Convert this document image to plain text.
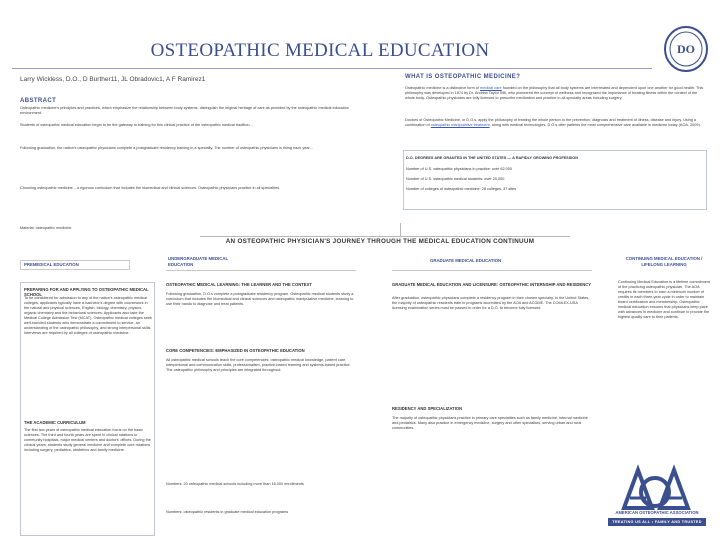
OSTEOPATHIC MEDICAL EDUCATION	DO
Larry Wickless, D.O., D Burther11, JL Obradovic1, A F Ramirez1
ABSTRACT
Osteopathic medicine's principles and practices, which emphasize the relationship between body systems, distinguish the original heritage of care as provided by the osteopathic medical education environment.
Students of osteopathic medical education begin to be the gateway to training for this clinical practice of the osteopathic medical tradition...
Following graduation, the nation's osteopathic physicians complete a postgraduate residency training in a specialty. The number of osteopathic physicians is rising each year...
Choosing osteopathic medicine... a rigorous curriculum that includes the biomedical and clinical sciences. Osteopathic physicians practice in all specialties.
Material: osteopathic medicine.
WHAT IS OSTEOPATHIC MEDICINE?
Osteopathic medicine is a distinctive form of medical care founded on the philosophy that all body systems are interrelated and dependent upon one another for good health. This philosophy was developed in 1874 by Dr. Andrew Taylor Still, who pioneered the concept of wellness and recognized the importance of treating illness within the context of the whole body. Osteopathic physicians are fully licensed to prescribe medication and practice in all specialty areas including surgery.
Doctors of Osteopathic Medicine, or D.O.s, apply the philosophy of treating the whole person to the prevention, diagnosis and treatment of illness, disease and injury. Using a combination of osteopathic manipulative treatment, along with medical technologies, D.O.s offer patients the most comprehensive care available in medicine today (AOA, 2009).
D.O. DEGREES ARE GRANTED IN THE UNITED STATES — A RAPIDLY GROWING PROFESSION
Number of U.S. osteopathic physicians in practice: over 62,000
Number of U.S. osteopathic medical students: over 20,000
Number of colleges of osteopathic medicine: 28 colleges, 37 sites
AN OSTEOPATHIC PHYSICIAN'S JOURNEY THROUGH THE MEDICAL EDUCATION CONTINUUM
PREMEDICAL EDUCATION
UNDERGRADUATE MEDICAL EDUCATION
GRADUATE MEDICAL EDUCATION	CONTINUING MEDICAL EDUCATION / LIFELONG LEARNING
PREPARING FOR AND APPLYING TO OSTEOPATHIC MEDICAL SCHOOL
To be considered for admission to any of the nation's osteopathic medical colleges, applicants typically have a bachelor's degree with coursework in the natural and physical sciences, English, biology, chemistry, physics, organic chemistry and the behavioral sciences. Applicants also take the Medical College Admission Test (MCAT). Osteopathic medical colleges seek well-rounded students who demonstrate a commitment to service, an understanding of the osteopathic philosophy, and strong interpersonal skills. Interviews are required by all colleges of osteopathic medicine.
THE ACADEMIC CURRICULUM
The first two years of osteopathic medical education focus on the basic sciences. The third and fourth years are spent in clinical rotations in community hospitals, major medical centers and doctors' offices. During the clinical years, students study general medicine and complete core rotations including surgery, pediatrics, obstetrics and family medicine.
OSTEOPATHIC MEDICAL LEARNING: THE LEARNER AND THE CONTEXT
Following graduation, D.O.s complete a postgraduate residency program. Osteopathic medical students study a curriculum that includes the biomedical and clinical sciences and osteopathic manipulative medicine, learning to use their hands to diagnose and treat patients.
CORE COMPETENCIES: EMPHASIZED IN OSTEOPATHIC EDUCATION
All osteopathic medical schools teach the core competencies; osteopathic medical knowledge, patient care, interpersonal and communication skills, professionalism, practice-based learning and systems-based practice. The osteopathic philosophy and principles are integrated throughout.
Numbers: 20 osteopathic medical schools including more than 16,000 enrollments
Numbers: osteopathic residents in graduate medical education programs
GRADUATE MEDICAL EDUCATION AND LICENSURE: OSTEOPATHIC INTERNSHIP AND RESIDENCY
After graduation, osteopathic physicians complete a residency program in their chosen specialty. In the United States, the majority of osteopathic residents train in programs accredited by the AOA and ACGME. The COMLEX-USA licensing examination series must be passed in order for a D.O. to become fully licensed.
RESIDENCY AND SPECIALIZATION
The majority of osteopathic physicians practice in primary care specialties such as family medicine, internal medicine and pediatrics. Many also practice in emergency medicine, surgery and other specialties, serving urban and rural communities.
Continuing Medical Education is a lifetime commitment of the practicing osteopathic physician. The AOA requires its members to earn a minimum number of credits in each three-year cycle in order to maintain board certification and membership. Osteopathic medical education ensures that physicians keep pace with advances in medicine and continue to provide the highest quality care to their patients.
AMERICAN OSTEOPATHIC ASSOCIATION
TREATING US ALL • FAMILY AND TRUSTED
